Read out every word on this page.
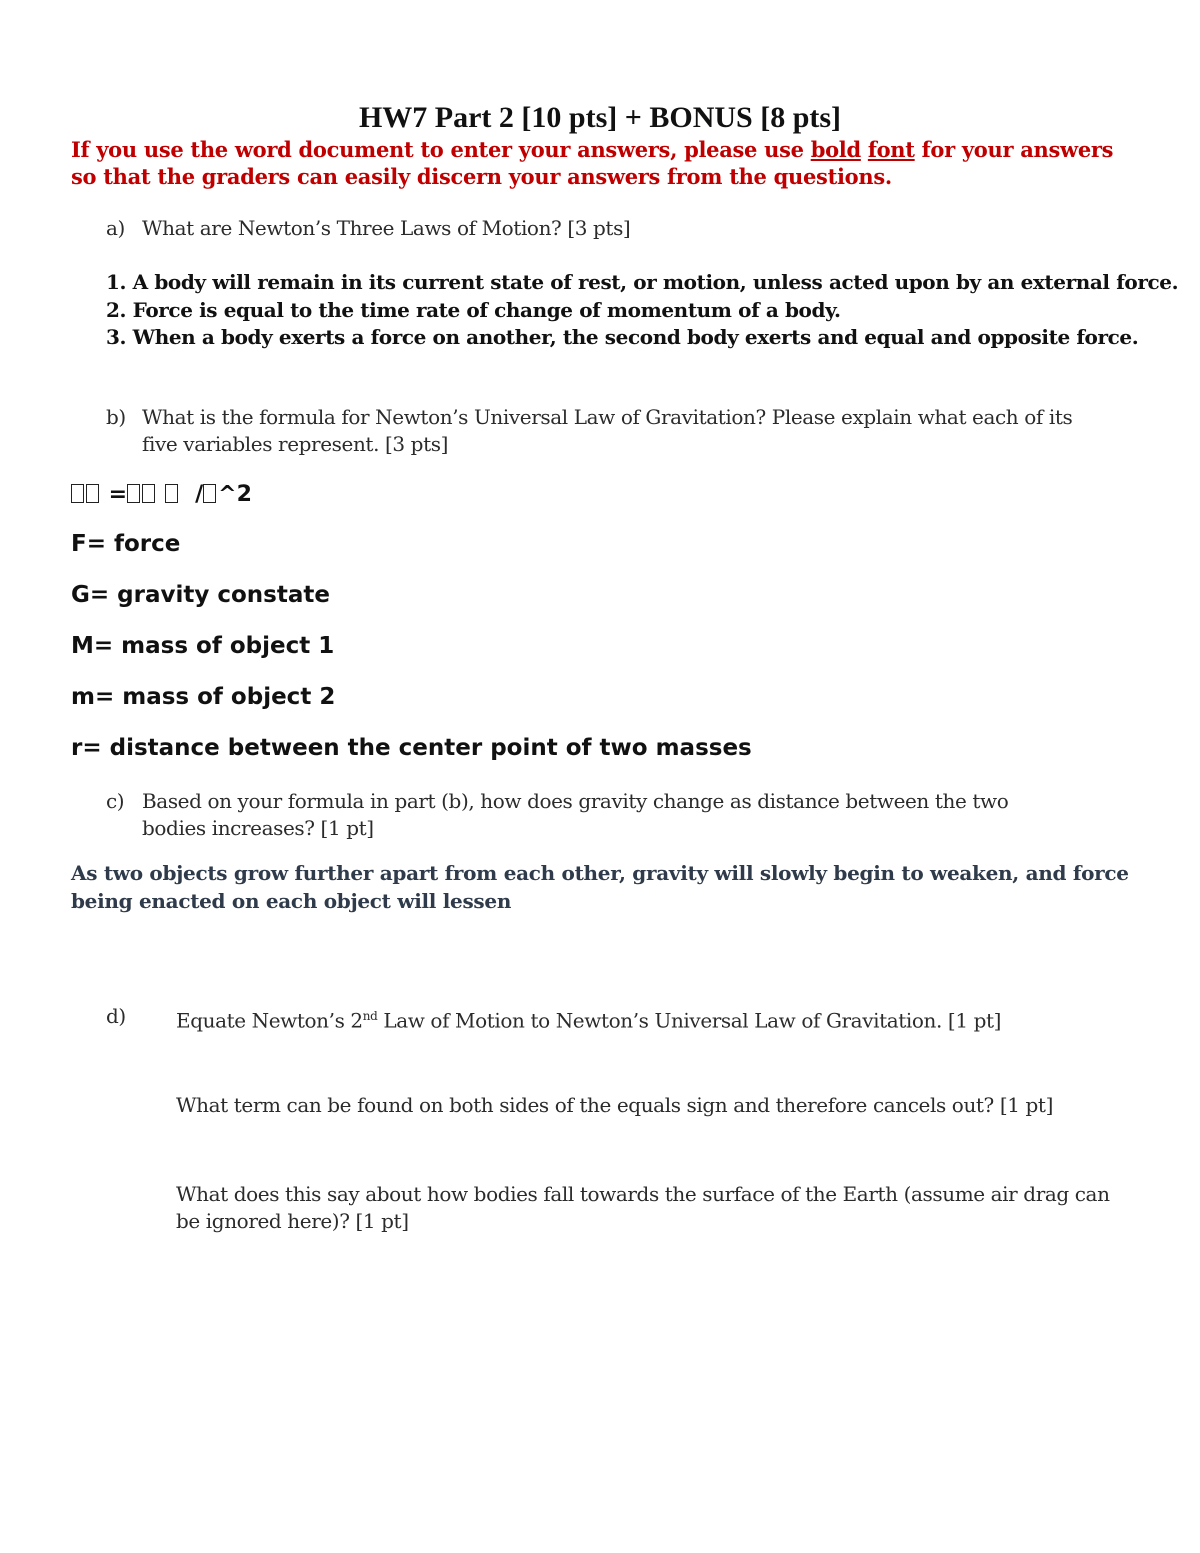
HW7 Part 2 [10 pts] + BONUS [8 pts]

If you use the word document to enter your answers, please use bold font for your answers so that the graders can easily discern your answers from the questions.

a) What are Newton’s Three Laws of Motion? [3 pts]
1. A body will remain in its current state of rest, or motion, unless acted upon by an external force.
2. Force is equal to the time rate of change of momentum of a body.
3. When a body exerts a force on another, the second body exerts and equal and opposite force.
b) What is the formula for Newton’s Universal Law of Gravitation? Please explain what each of its five variables represent. [3 pts]
=	/ ^2
F= force
G= gravity constate
M= mass of object 1
m= mass of object 2
r= distance between the center point of two masses
c) Based on your formula in part (b), how does gravity change as distance between the two bodies increases? [1 pt]

As two objects grow further apart from each other, gravity will slowly begin to weaken, and force being enacted on each object will lessen

d)	Equate Newton’s 2nd Law of Motion to Newton’s Universal Law of Gravitation. [1 pt]
What term can be found on both sides of the equals sign and therefore cancels out? [1 pt]
What does this say about how bodies fall towards the surface of the Earth (assume air drag can be ignored here)? [1 pt]
